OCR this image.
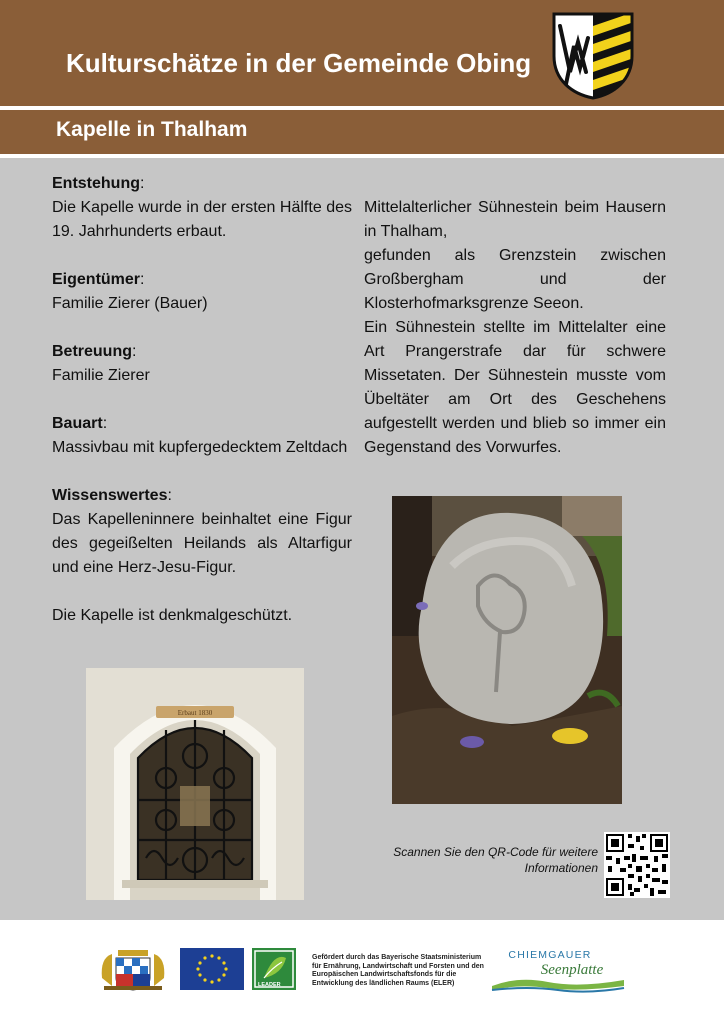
Kulturschätze in der Gemeinde Obing
Kapelle in Thalham
Entstehung:

Die Kapelle wurde in der ersten Hälfte des 19. Jahrhunderts erbaut.

Eigentümer:

Familie Zierer (Bauer)

Betreuung:

Familie Zierer

Bauart:

Massivbau mit kupfergedecktem Zeltdach

Wissenswertes:

Das Kapelleninnere beinhaltet eine Figur des gegeißelten Heilands als Altarfigur und eine Herz-Jesu-Figur.

Die Kapelle ist denkmalgeschützt.

Mittelalterlicher Sühnestein beim Hausern in Thalham,

gefunden als Grenzstein zwischen Großbergham und der Klosterhofmarksgrenze Seeon.

Ein Sühnestein stellte im Mittelalter eine Art Prangerstrafe dar für schwere Missetaten. Der Sühnestein musste vom Übeltäter am Ort des Geschehens aufgestellt werden und blieb so immer ein Gegenstand des Vorwurfes.

Erbaut 1830
Scannen Sie den QR-Code für weitere Informationen
LEADER
Gefördert durch das Bayerische Staatsministerium für Ernährung, Landwirtschaft und Forsten und den Europäischen Landwirtschaftsfonds für die Entwicklung des ländlichen Raums (ELER)
CHIEMGAUER
Seenplatte
